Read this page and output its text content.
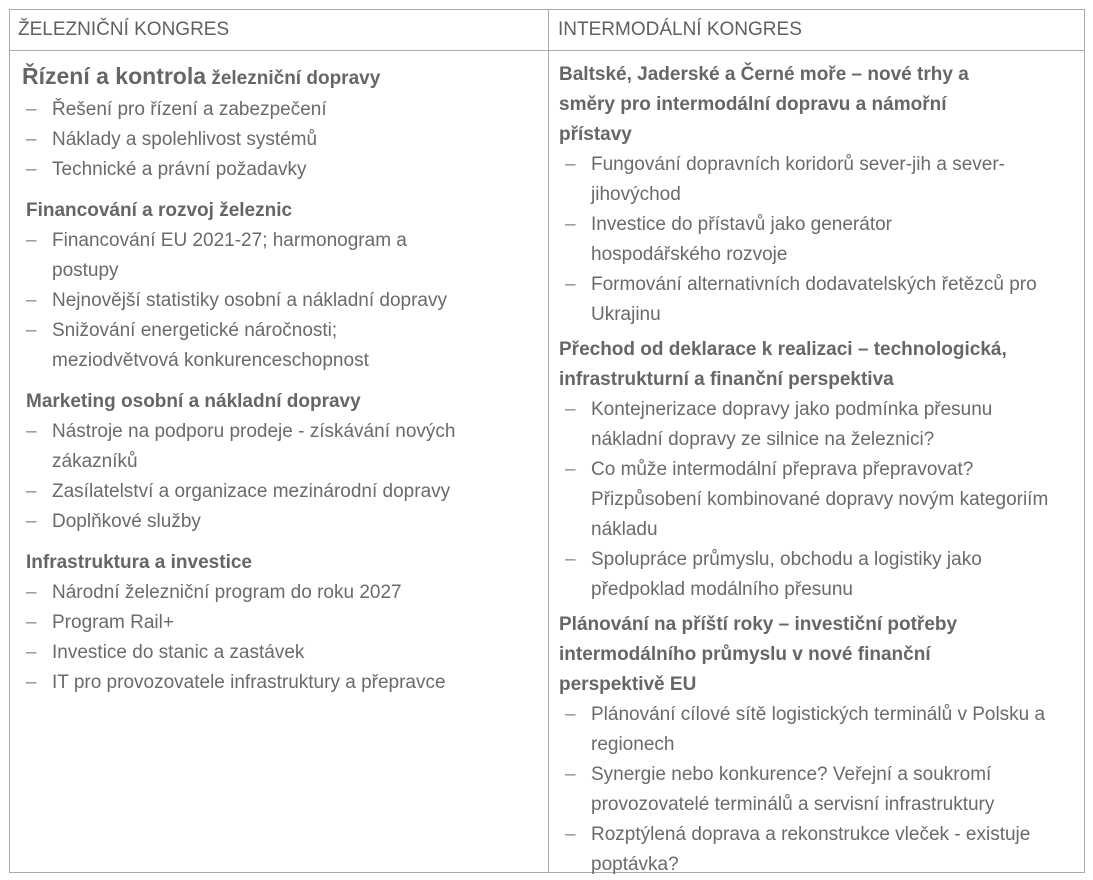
ŽELEZNIČNÍ KONGRES	INTERMODÁLNÍ KONGRES
Řízení a kontrola železniční dopravy
– Řešení pro řízení a zabezpečení
– Náklady a spolehlivost systémů
– Technické a právní požadavky
Financování a rozvoj železnic
– Financování EU 2021-27; harmonogram a postupy
– Nejnovější statistiky osobní a nákladní dopravy
– Snižování energetické náročnosti; meziodvětvová konkurenceschopnost
Marketing osobní a nákladní dopravy
– Nástroje na podporu prodeje - získávání nových zákazníků
– Zasílatelství a organizace mezinárodní dopravy
– Doplňkové služby
Infrastruktura a investice
– Národní železniční program do roku 2027
– Program Rail+
– Investice do stanic a zastávek
– IT pro provozovatele infrastruktury a přepravce
Baltské, Jaderské a Černé moře – nové trhy a směry pro intermodální dopravu a námořní přístavy
– Fungování dopravních koridorů sever-jih a sever-jihovýchod
– Investice do přístavů jako generátor hospodářského rozvoje
– Formování alternativních dodavatelských řetězců pro Ukrajinu
Přechod od deklarace k realizaci – technologická, infrastrukturní a finanční perspektiva
– Kontejnerizace dopravy jako podmínka přesunu nákladní dopravy ze silnice na železnici?
– Co může intermodální přeprava přepravovat? Přizpůsobení kombinované dopravy novým kategoriím nákladu
– Spolupráce průmyslu, obchodu a logistiky jako předpoklad modálního přesunu
Plánování na příští roky – investiční potřeby intermodálního průmyslu v nové finanční perspektivě EU
– Plánování cílové sítě logistických terminálů v Polsku a regionech
– Synergie nebo konkurence? Veřejní a soukromí provozovatelé terminálů a servisní infrastruktury
– Rozptýlená doprava a rekonstrukce vleček - existuje poptávka?
